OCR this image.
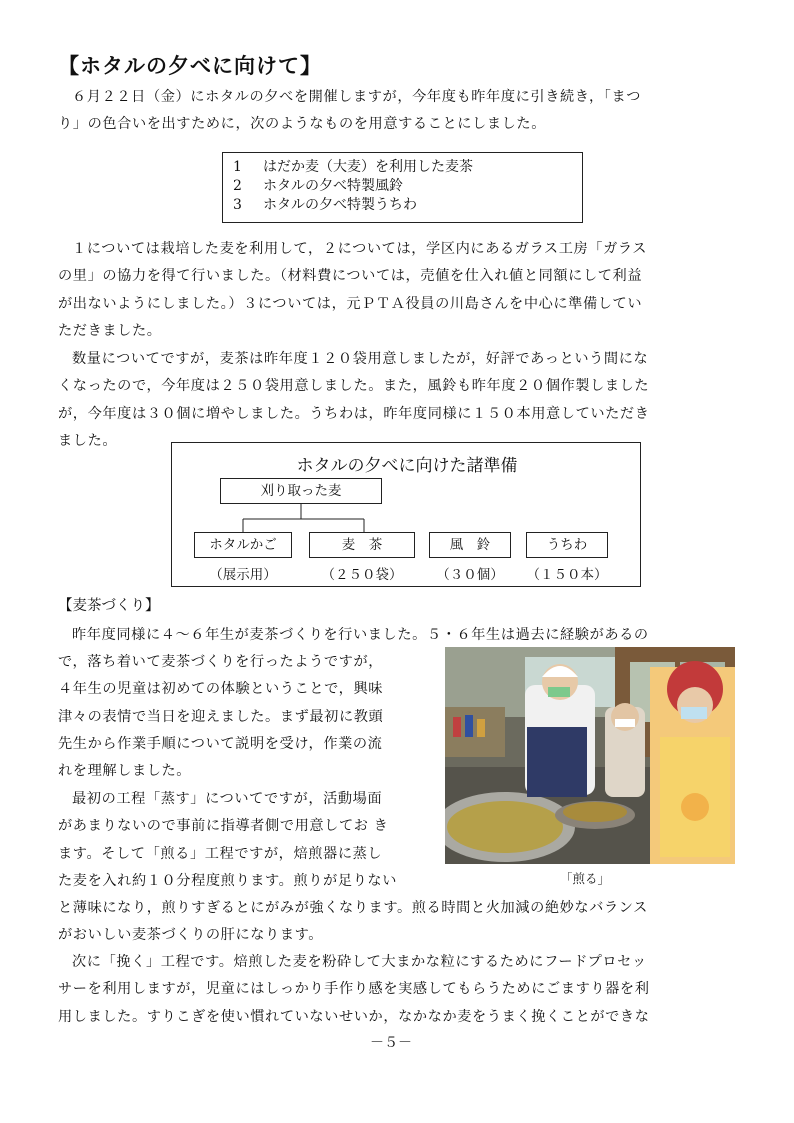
【ホタルの夕べに向けて】

６月２２日（金）にホタルの夕べを開催しますが，今年度も昨年度に引き続き，「まつ
り」の色合いを出すために，次のようなものを用意することにしました。

1 はだか麦（大麦）を利用した麦茶
2 ホタルの夕べ特製風鈴
3 ホタルの夕べ特製うちわ

１については栽培した麦を利用して，２については，学区内にあるガラス工房「ガラス
の里」の協力を得て行いました。（材料費については，売値を仕入れ値と同額にして利益
が出ないようにしました。）３については，元ＰＴＡ役員の川島さんを中心に準備してい
ただきました。

数量についてですが，麦茶は昨年度１２０袋用意しましたが，好評であっという間にな
くなったので，今年度は２５０袋用意しました。また，風鈴も昨年度２０個作製しました
が，今年度は３０個に増やしました。うちわは，昨年度同様に１５０本用意していただき
ました。

ホタルの夕べに向けた諸準備
刈り取った麦
ホタルかご	麦　茶	風　鈴	うちわ
（展示用）	（２５０袋）	（３０個）	（１５０本）
【麦茶づくり】

昨年度同様に４～６年生が麦茶づくりを行いました。５・６年生は過去に経験があるの

で，落ち着いて麦茶づくりを行ったようですが，
４年生の児童は初めての体験ということで，興味
津々の表情で当日を迎えました。まず最初に教頭
先生から作業手順について説明を受け，作業の流
れを理解しました。

最初の工程「蒸す」についてですが，活動場面
があまりないので事前に指導者側で用意してお き
ます。そして「煎る」工程ですが，焙煎器に蒸し
た麦を入れ約１０分程度煎ります。煎りが足りない

と薄味になり，煎りすぎるとにがみが強くなります。煎る時間と火加減の絶妙なバランス
がおいしい麦茶づくりの肝になります。

次に「挽く」工程です。焙煎した麦を粉砕して大まかな粒にするためにフードプロセッ
サーを利用しますが，児童にはしっかり手作り感を実感してもらうためにごますり器を利
用しました。すりこぎを使い慣れていないせいか，なかなか麦をうまく挽くことができな

「煎る」
－５－
